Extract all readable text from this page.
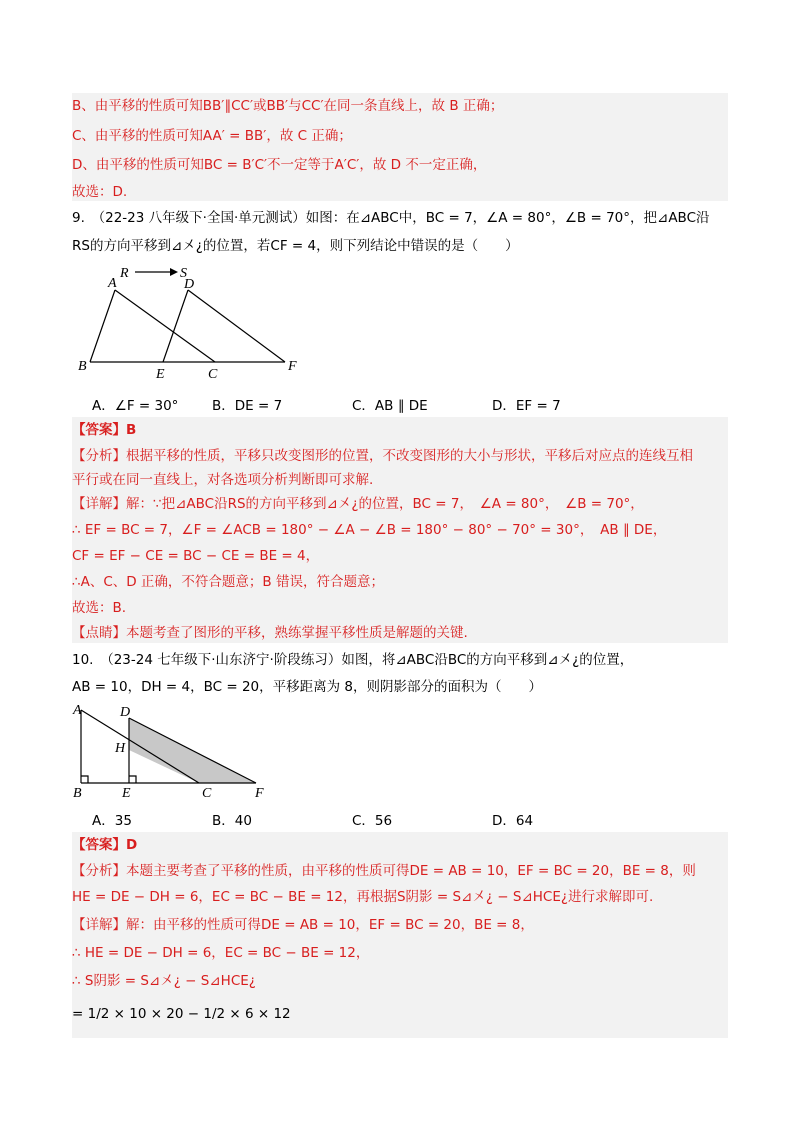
B、由平移的性质可知BB′∥CC′或BB′与CC′在同一条直线上，故 B 正确；
C、由平移的性质可知AA′ = BB′，故 C 正确；
D、由平移的性质可知BC = B′C′不一定等于A′C′，故 D 不一定正确，
故选：D.
9.　（22-23 八年级下·全国·单元测试）如图：在⊿ABC中，BC = 7，∠A = 80°，∠B = 70°，把⊿ABC沿
RS的方向平移到⊿㐅¿的位置，若CF = 4，则下列结论中错误的是（　　）
R	S
A	D
B
E	C
F
A．∠F = 30° B．DE = 7	C．AB ∥ DE	D．EF = 7
【答案】B
【分析】根据平移的性质，平移只改变图形的位置，不改变图形的大小与形状，平移后对应点的连线互相
平行或在同一直线上，对各选项分析判断即可求解.
【详解】解：∵把⊿ABC沿RS的方向平移到⊿㐅¿的位置，BC = 7，　∠A = 80°，　∠B = 70°，
∴ EF = BC = 7，∠F = ∠ACB = 180° − ∠A − ∠B = 180° − 80° − 70° = 30°，　AB ∥ DE，
CF = EF − CE = BC − CE = BE = 4，
∴A、C、D 正确，不符合题意；B 错误，符合题意；
故选：B.
【点睛】本题考查了图形的平移，熟练掌握平移性质是解题的关键.
10.　（23-24 七年级下·山东济宁·阶段练习）如图，将⊿ABC沿BC的方向平移到⊿㐅¿的位置，
AB = 10，DH = 4，BC = 20，平移距离为 8，则阴影部分的面积为（　　）
A	D
H
B	E	C	F
A．35	B．40	C．56	D．64
【答案】D
【分析】本题主要考查了平移的性质，由平移的性质可得DE = AB = 10，EF = BC = 20，BE = 8，则
HE = DE − DH = 6，EC = BC − BE = 12，再根据S阴影 = S⊿㐅¿ − S⊿HCE¿进行求解即可.
【详解】解：由平移的性质可得DE = AB = 10，EF = BC = 20，BE = 8，
∴ HE = DE − DH = 6，EC = BC − BE = 12，
∴ S阴影 = S⊿㐅¿ − S⊿HCE¿
= 1/2 × 10 × 20 − 1/2 × 6 × 12
